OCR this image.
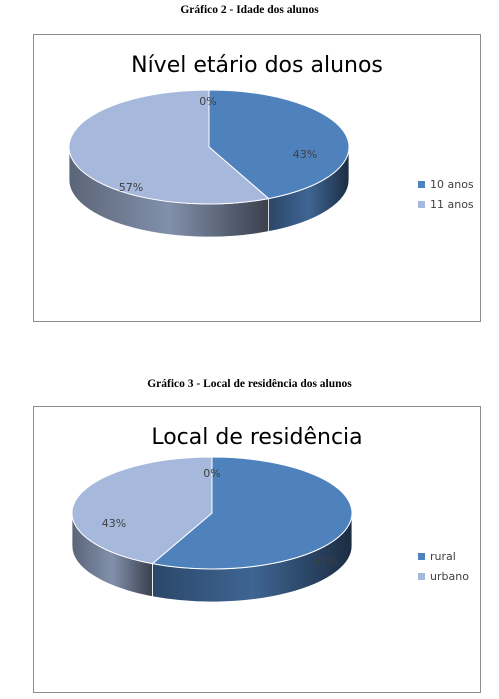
Gráfico 2 - Idade dos alunos
Nível etário dos alunos
43%
57%
0%
10 anos
11 anos
Gráfico 3 - Local de residência dos alunos
Local de residência
57%
43%
0%
rural
urbano
